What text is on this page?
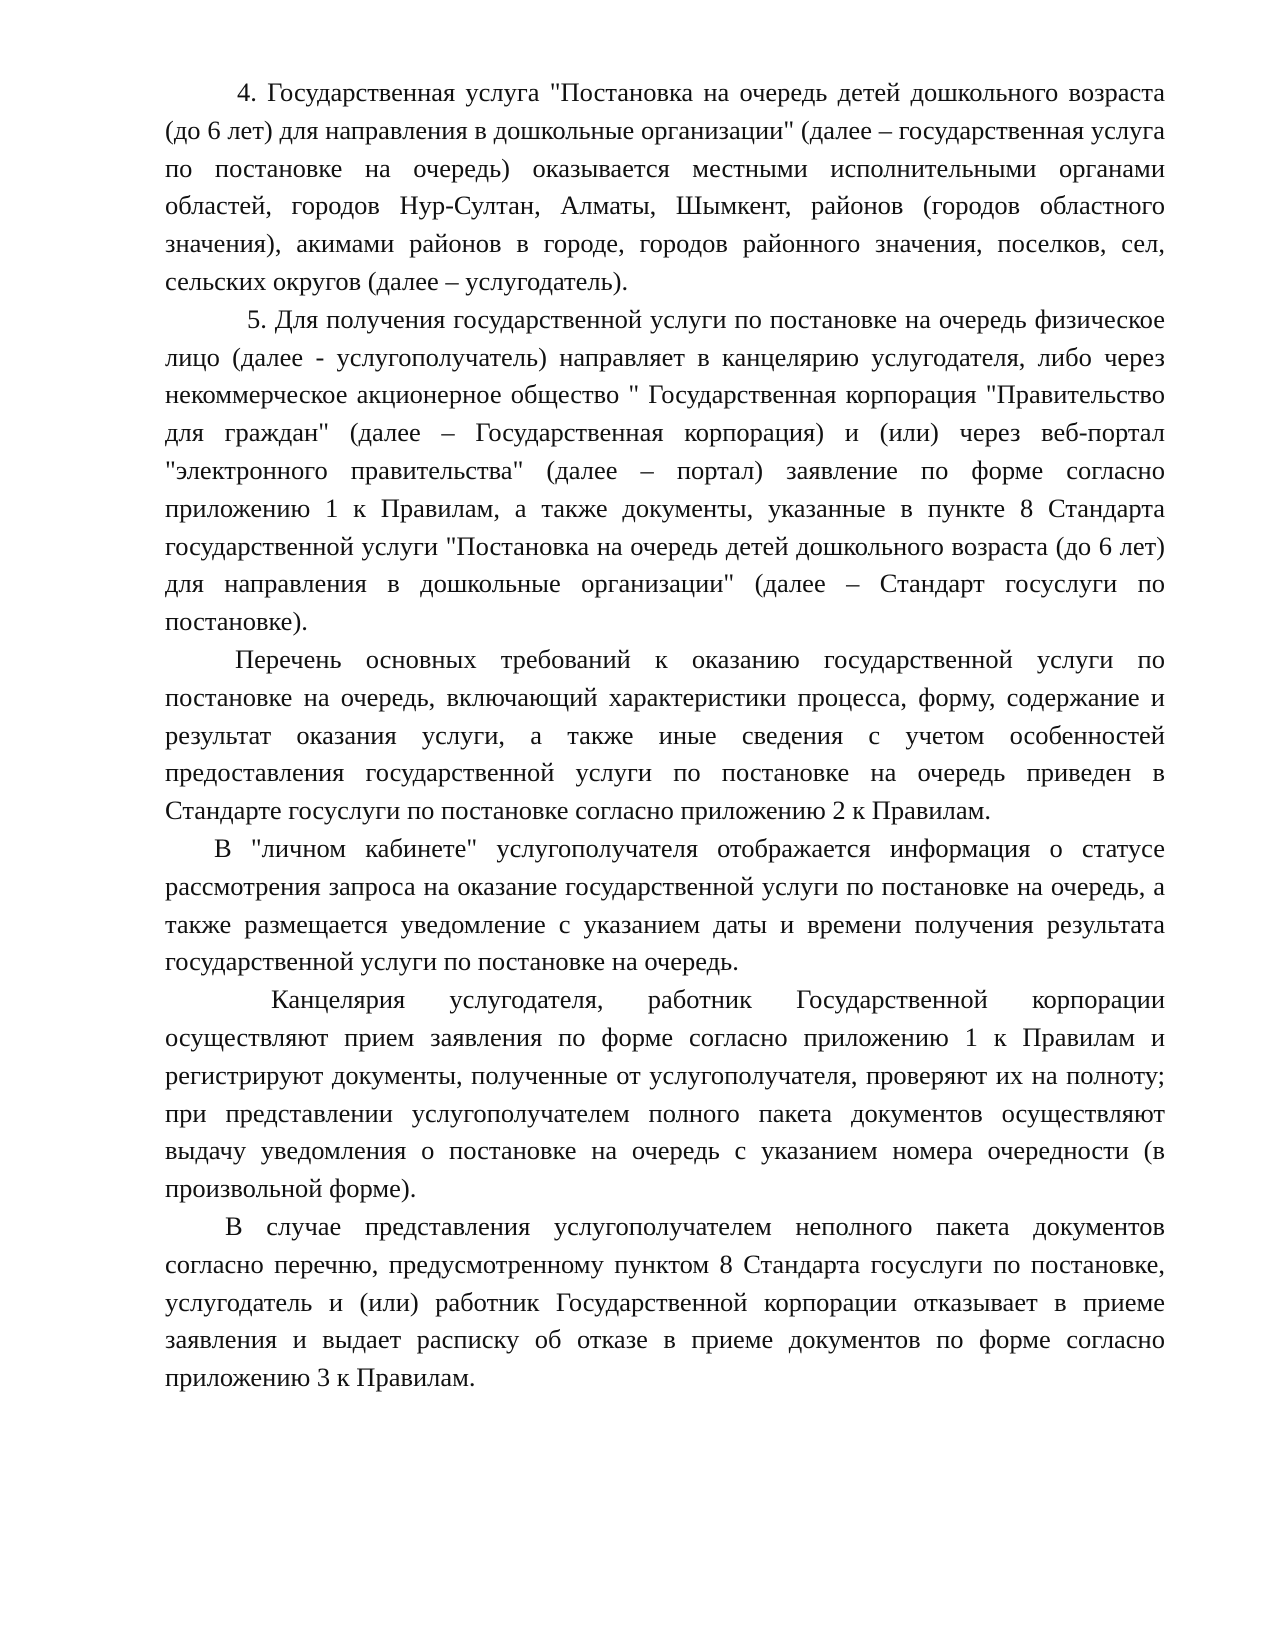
4. Государственная услуга "Постановка на очередь детей дошкольного возраста (до 6 лет) для направления в дошкольные организации" (далее – государственная услуга по постановке на очередь) оказывается местными исполнительными органами областей, городов Нур-Султан, Алматы, Шымкент, районов (городов областного значения), акимами районов в городе, городов районного значения, поселков, сел, сельских округов (далее – услугодатель).

5. Для получения государственной услуги по постановке на очередь физическое лицо (далее - услугополучатель) направляет в канцелярию услугодателя, либо через некоммерческое акционерное общество " Государственная корпорация "Правительство для граждан" (далее – Государственная корпорация) и (или) через веб-портал "электронного правительства" (далее – портал) заявление по форме согласно приложению 1 к Правилам, а также документы, указанные в пункте 8 Стандарта государственной услуги "Постановка на очередь детей дошкольного возраста (до 6 лет) для направления в дошкольные организации" (далее – Стандарт госуслуги по постановке).

Перечень основных требований к оказанию государственной услуги по постановке на очередь, включающий характеристики процесса, форму, содержание и результат оказания услуги, а также иные сведения с учетом особенностей предоставления государственной услуги по постановке на очередь приведен в Стандарте госуслуги по постановке согласно приложению 2 к Правилам.

В "личном кабинете" услугополучателя отображается информация о статусе рассмотрения запроса на оказание государственной услуги по постановке на очередь, а также размещается уведомление с указанием даты и времени получения результата государственной услуги по постановке на очередь.

Канцелярия услугодателя, работник Государственной корпорации осуществляют прием заявления по форме согласно приложению 1 к Правилам и регистрируют документы, полученные от услугополучателя, проверяют их на полноту; при представлении услугополучателем полного пакета документов осуществляют выдачу уведомления о постановке на очередь с указанием номера очередности (в произвольной форме).

В случае представления услугополучателем неполного пакета документов согласно перечню, предусмотренному пунктом 8 Стандарта госуслуги по постановке, услугодатель и (или) работник Государственной корпорации отказывает в приеме заявления и выдает расписку об отказе в приеме документов по форме согласно приложению 3 к Правилам.
